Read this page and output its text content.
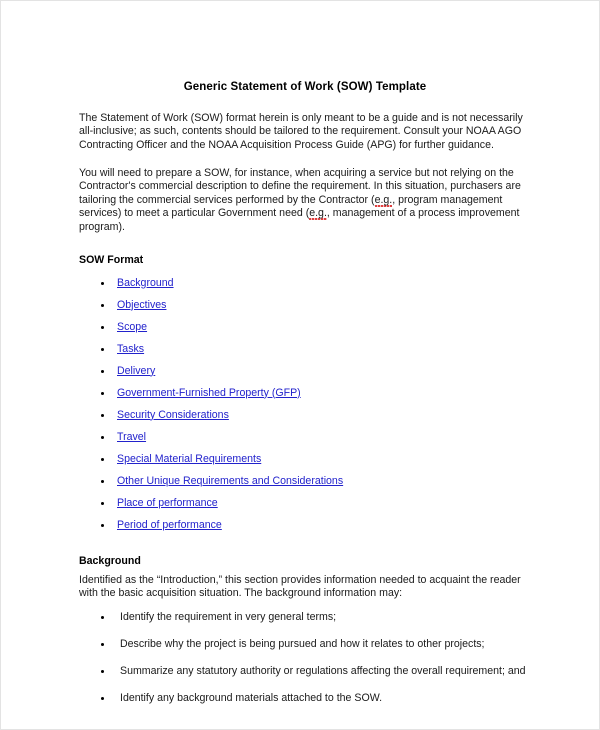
Generic Statement of Work (SOW) Template

The Statement of Work (SOW) format herein is only meant to be a guide and is not necessarily all-inclusive; as such, contents should be tailored to the requirement. Consult your NOAA AGO Contracting Officer and the NOAA Acquisition Process Guide (APG) for further guidance.

You will need to prepare a SOW, for instance, when acquiring a service but not relying on the Contractor's commercial description to define the requirement. In this situation, purchasers are tailoring the commercial services performed by the Contractor (e.g., program management services) to meet a particular Government need (e.g., management of a process improvement program).

SOW Format
Background
Objectives
Scope
Tasks
Delivery
Government-Furnished Property (GFP)
Security Considerations
Travel
Special Material Requirements
Other Unique Requirements and Considerations
Place of performance
Period of performance
Background

Identified as the “Introduction,” this section provides information needed to acquaint the reader with the basic acquisition situation. The background information may:

Identify the requirement in very general terms;
Describe why the project is being pursued and how it relates to other projects;
Summarize any statutory authority or regulations affecting the overall requirement; and
Identify any background materials attached to the SOW.
